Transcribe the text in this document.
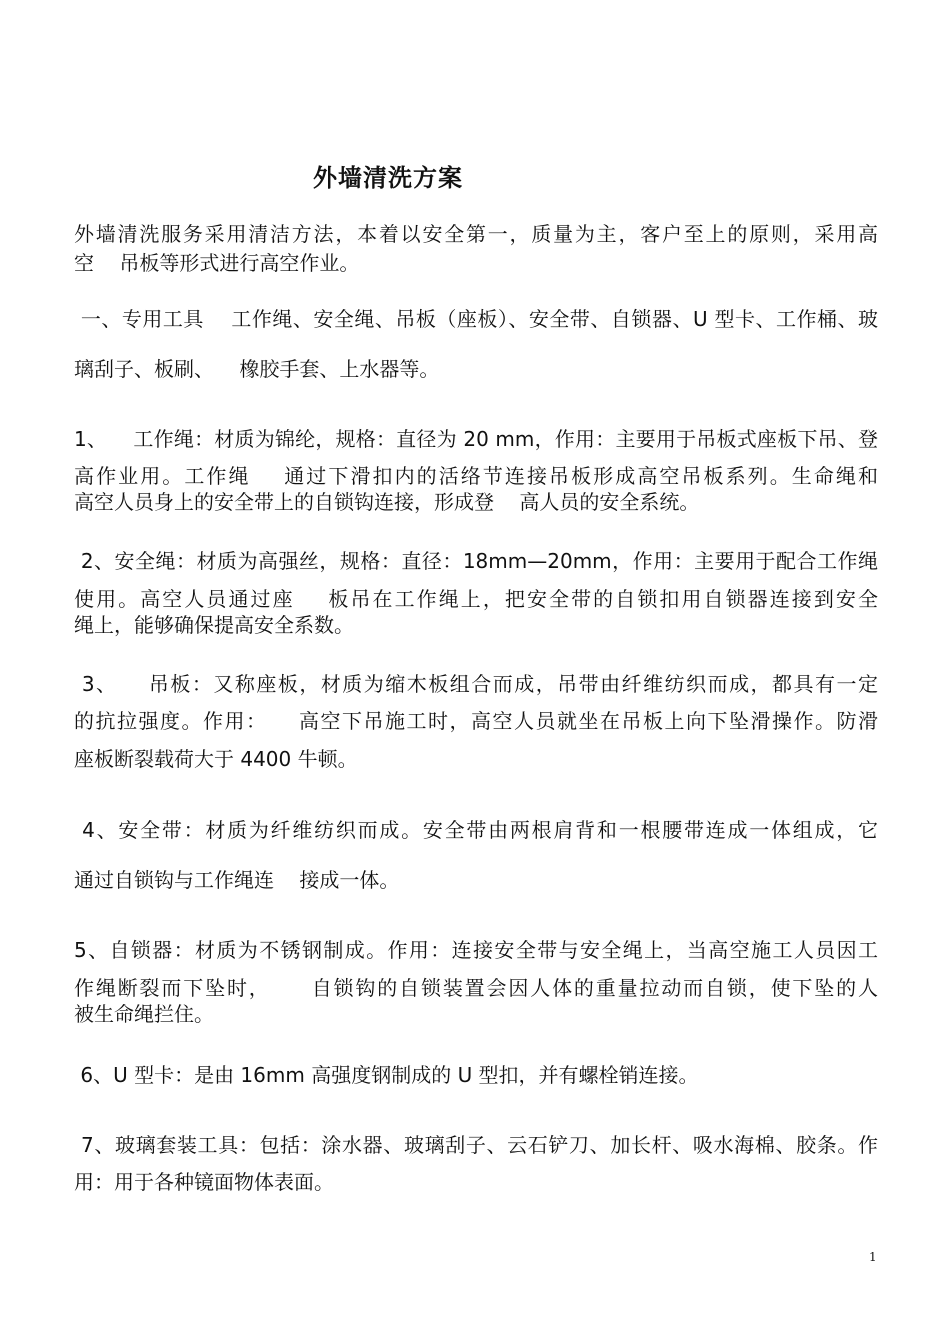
外墙清洗方案
外墙清洗服务采用清洁方法，本着以安全第一，质量为主，客户至上的原则，采用高
空    吊板等形式进行高空作业。
一、专用工具    工作绳、安全绳、吊板（座板）、安全带、自锁器、U 型卡、工作桶、玻
璃刮子、板刷、    橡胶手套、上水器等。
1、    工作绳：材质为锦纶，规格：直径为 20 mm，作用：主要用于吊板式座板下吊、登
高作业用。工作绳    通过下滑扣内的活络节连接吊板形成高空吊板系列。生命绳和
高空人员身上的安全带上的自锁钩连接，形成登    高人员的安全系统。
2、安全绳：材质为高强丝，规格：直径：18mm—20mm，作用：主要用于配合工作绳
使用。高空人员通过座    板吊在工作绳上，把安全带的自锁扣用自锁器连接到安全
绳上，能够确保提高安全系数。
3、    吊板：又称座板，材质为缩木板组合而成，吊带由纤维纺织而成，都具有一定
的抗拉强度。作用：    高空下吊施工时，高空人员就坐在吊板上向下坠滑操作。防滑
座板断裂载荷大于 4400 牛顿。
4、安全带：材质为纤维纺织而成。安全带由两根肩背和一根腰带连成一体组成，它
通过自锁钩与工作绳连    接成一体。
5、自锁器：材质为不锈钢制成。作用：连接安全带与安全绳上，当高空施工人员因工
作绳断裂而下坠时，     自锁钩的自锁装置会因人体的重量拉动而自锁，使下坠的人
被生命绳拦住。
6、U 型卡：是由 16mm 高强度钢制成的 U 型扣，并有螺栓销连接。
7、玻璃套装工具：包括：涂水器、玻璃刮子、云石铲刀、加长杆、吸水海棉、胶条。作
用：用于各种镜面物体表面。
1
